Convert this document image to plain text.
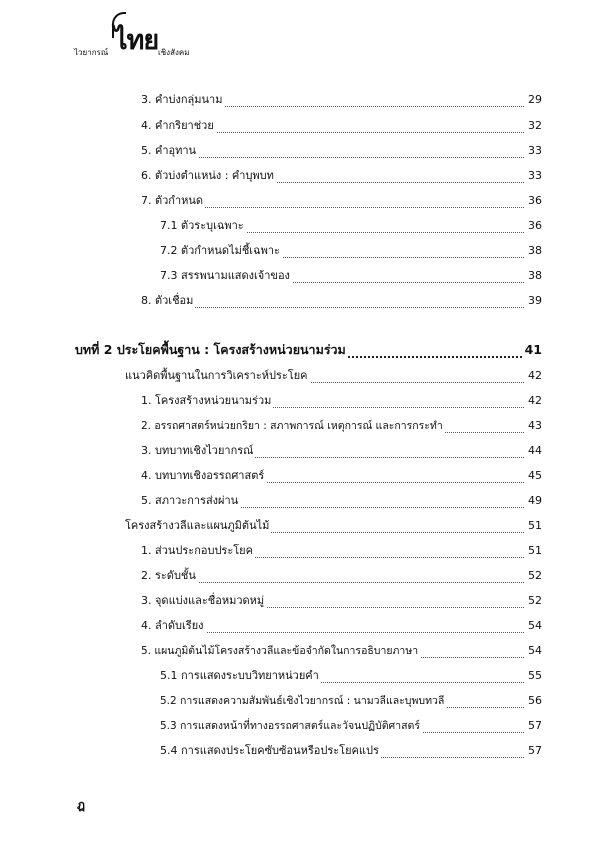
ไวยากรณ์ ไทย เชิงสังคม
3. คำบ่งกลุ่มนาม	29
4. คำกริยาช่วย	32
5. คำอุทาน	33
6. ตัวบ่งตำแหน่ง : คำบุพบท	33
7. ตัวกำหนด	36
7.1 ตัวระบุเฉพาะ	36
7.2 ตัวกำหนดไม่ชี้เฉพาะ	38
7.3 สรรพนามแสดงเจ้าของ	38
8. ตัวเชื่อม	39
บทที่ 2 ประโยคพื้นฐาน : โครงสร้างหน่วยนามร่วม	41
แนวคิดพื้นฐานในการวิเคราะห์ประโยค	42
1. โครงสร้างหน่วยนามร่วม	42
2. อรรถศาสตร์หน่วยกริยา : สภาพการณ์ เหตุการณ์ และการกระทำ	43
3. บทบาทเชิงไวยากรณ์	44
4. บทบาทเชิงอรรถศาสตร์	45
5. สภาวะการส่งผ่าน	49
โครงสร้างวลีและแผนภูมิต้นไม้	51
1. ส่วนประกอบประโยค	51
2. ระดับชั้น	52
3. จุดแบ่งและชื่อหมวดหมู่	52
4. ลำดับเรียง	54
5. แผนภูมิต้นไม้โครงสร้างวลีและข้อจำกัดในการอธิบายภาษา	54
5.1 การแสดงระบบวิทยาหน่วยคำ	55
5.2 การแสดงความสัมพันธ์เชิงไวยากรณ์ : นามวลีและบุพบทวลี	56
5.3 การแสดงหน้าที่ทางอรรถศาสตร์และวัจนปฏิบัติศาสตร์	57
5.4 การแสดงประโยคซับซ้อนหรือประโยคแปร	57
ฎ
